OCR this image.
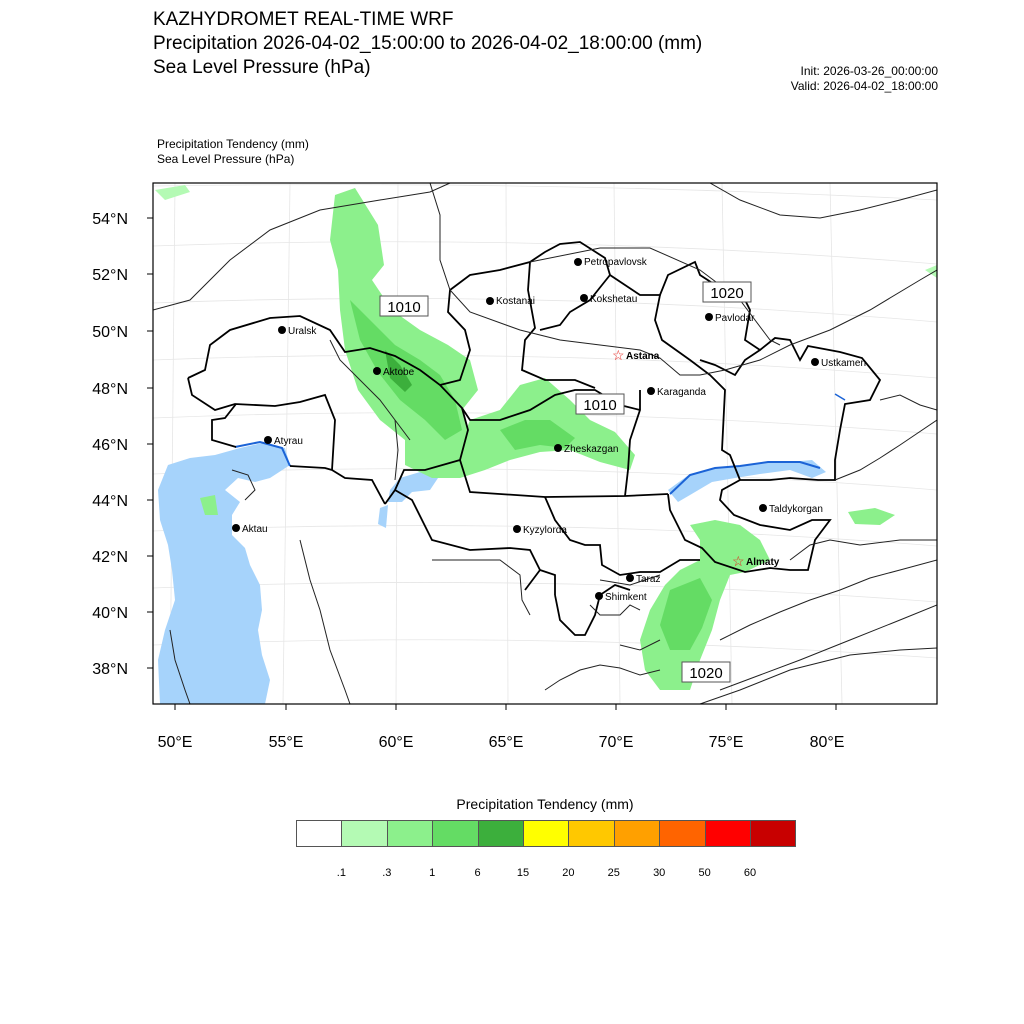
KAZHYDROMET REAL-TIME WRF
Precipitation 2026-04-02_15:00:00 to 2026-04-02_18:00:00 (mm)
Sea Level Pressure (hPa)	Init: 2026-03-26_00:00:00
Valid: 2026-04-02_18:00:00
Precipitation Tendency (mm)
Sea Level Pressure (hPa)
1010
1020
1010
1020
Petropavlovsk
Kostanai	Kokshetau
Pavlodar
Uralsk
☆ Astana
Aktobe
Ustkamen
Karaganda
Atyrau
Zheskazgan
Aktau	Kyzylorda
Taldykorgan
☆ Almaty
Taraz
Shimkent
54°N
52°N
50°N
48°N
46°N
44°N
42°N
40°N
38°N
50°E	55°E	60°E	65°E	70°E	75°E	80°E
Precipitation Tendency (mm)
.1	.3	1	6	15	20	25	30	50	60
